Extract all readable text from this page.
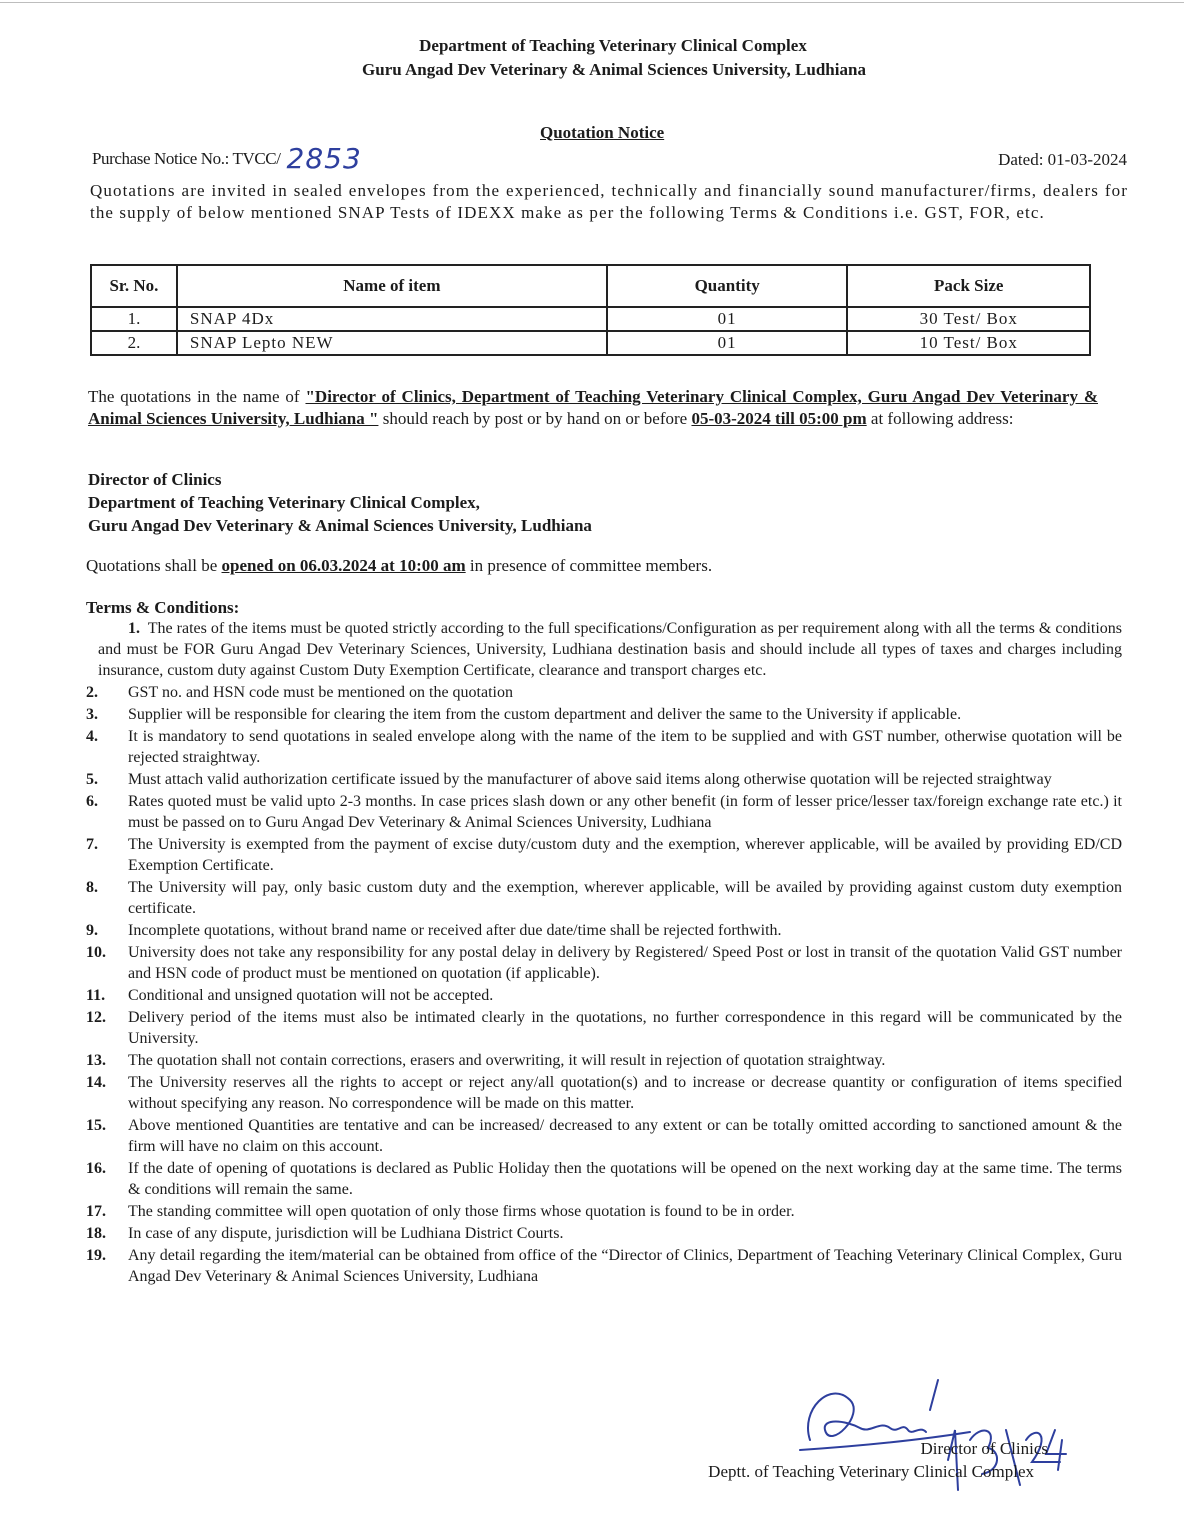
Department of Teaching Veterinary Clinical Complex
Guru Angad Dev Veterinary & Animal Sciences University, Ludhiana
Quotation Notice
Purchase Notice No.: TVCC/ 2853	Dated: 01-03-2024
Quotations are invited in sealed envelopes from the experienced, technically and financially sound manufacturer/firms, dealers for the supply of below mentioned SNAP Tests of IDEXX make as per the following Terms & Conditions i.e. GST, FOR, etc.
Sr. No.	Name of item	Quantity	Pack Size
1.	SNAP 4Dx	01	30 Test/ Box
2.	SNAP Lepto NEW	01	10 Test/ Box
The quotations in the name of "Director of Clinics, Department of Teaching Veterinary Clinical Complex, Guru Angad Dev Veterinary & Animal Sciences University, Ludhiana " should reach by post or by hand on or before 05-03-2024 till 05:00 pm at following address:
Director of Clinics
Department of Teaching Veterinary Clinical Complex,
Guru Angad Dev Veterinary & Animal Sciences University, Ludhiana
Quotations shall be opened on 06.03.2024 at 10:00 am in presence of committee members.
Terms & Conditions:
1. The rates of the items must be quoted strictly according to the full specifications/Configuration as per requirement along with all the terms & conditions and must be FOR Guru Angad Dev Veterinary Sciences, University, Ludhiana destination basis and should include all types of taxes and charges including insurance, custom duty against Custom Duty Exemption Certificate, clearance and transport charges etc.
2. GST no. and HSN code must be mentioned on the quotation
3. Supplier will be responsible for clearing the item from the custom department and deliver the same to the University if applicable.
4. It is mandatory to send quotations in sealed envelope along with the name of the item to be supplied and with GST number, otherwise quotation will be rejected straightway.
5. Must attach valid authorization certificate issued by the manufacturer of above said items along otherwise quotation will be rejected straightway
6. Rates quoted must be valid upto 2-3 months. In case prices slash down or any other benefit (in form of lesser price/lesser tax/foreign exchange rate etc.) it must be passed on to Guru Angad Dev Veterinary & Animal Sciences University, Ludhiana
7. The University is exempted from the payment of excise duty/custom duty and the exemption, wherever applicable, will be availed by providing ED/CD Exemption Certificate.
8. The University will pay, only basic custom duty and the exemption, wherever applicable, will be availed by providing against custom duty exemption certificate.
9. Incomplete quotations, without brand name or received after due date/time shall be rejected forthwith.
10. University does not take any responsibility for any postal delay in delivery by Registered/ Speed Post or lost in transit of the quotation Valid GST number and HSN code of product must be mentioned on quotation (if applicable).
11. Conditional and unsigned quotation will not be accepted.
12. Delivery period of the items must also be intimated clearly in the quotations, no further correspondence in this regard will be communicated by the University.
13. The quotation shall not contain corrections, erasers and overwriting, it will result in rejection of quotation straightway.
14. The University reserves all the rights to accept or reject any/all quotation(s) and to increase or decrease quantity or configuration of items specified without specifying any reason. No correspondence will be made on this matter.
15. Above mentioned Quantities are tentative and can be increased/ decreased to any extent or can be totally omitted according to sanctioned amount & the firm will have no claim on this account.
16. If the date of opening of quotations is declared as Public Holiday then the quotations will be opened on the next working day at the same time. The terms & conditions will remain the same.
17. The standing committee will open quotation of only those firms whose quotation is found to be in order.
18. In case of any dispute, jurisdiction will be Ludhiana District Courts.
19. Any detail regarding the item/material can be obtained from office of the “Director of Clinics, Department of Teaching Veterinary Clinical Complex, Guru Angad Dev Veterinary & Animal Sciences University, Ludhiana
Director of Clinics
Deptt. of Teaching Veterinary Clinical Complex
